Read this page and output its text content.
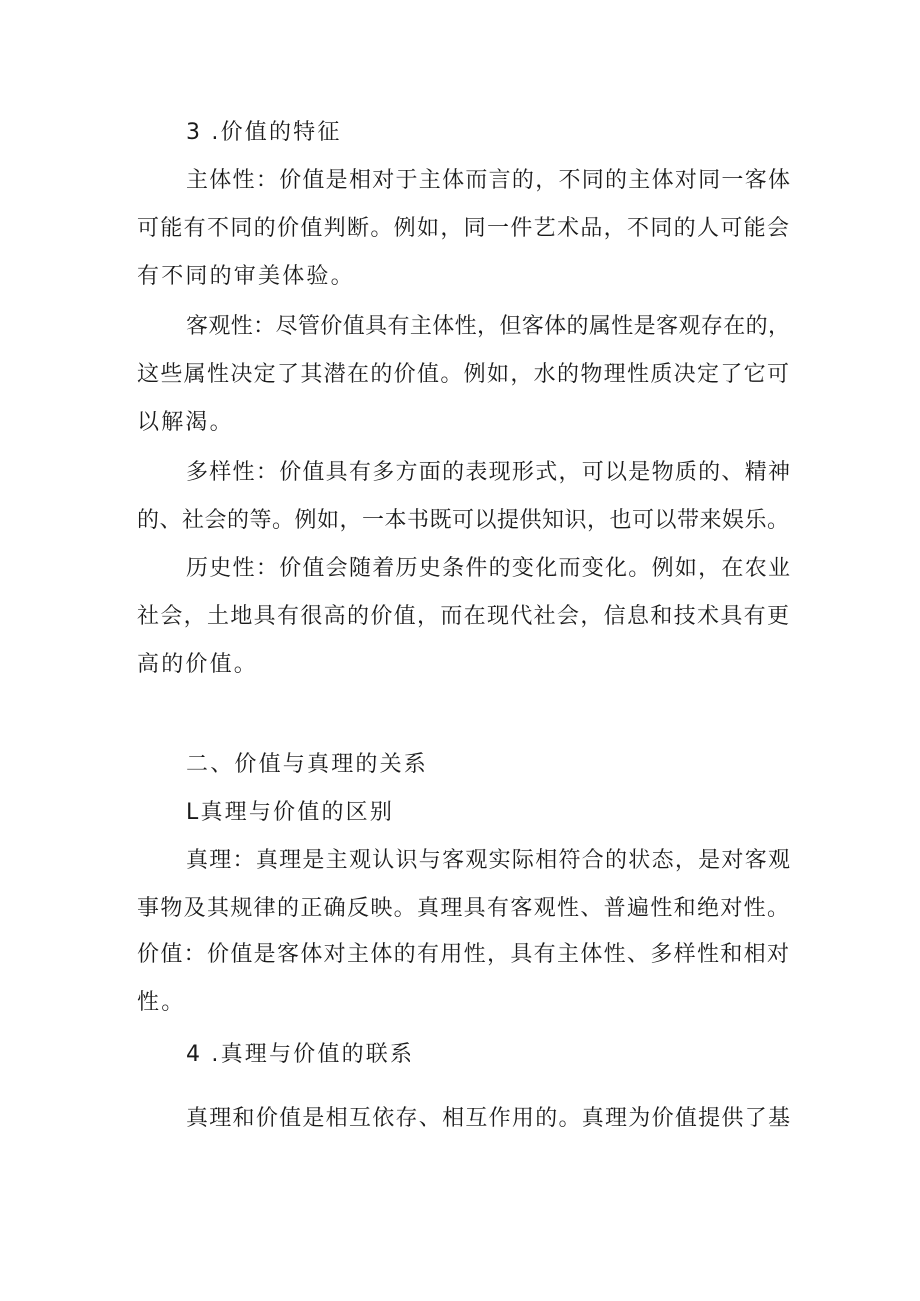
3 .价值的特征
主体性：价值是相对于主体而言的，不同的主体对同一客体
可能有不同的价值判断。例如，同一件艺术品，不同的人可能会
有不同的审美体验。
客观性：尽管价值具有主体性，但客体的属性是客观存在的，
这些属性决定了其潜在的价值。例如，水的物理性质决定了它可
以解渴。
多样性：价值具有多方面的表现形式，可以是物质的、精神
的、社会的等。例如，一本书既可以提供知识，也可以带来娱乐。
历史性：价值会随着历史条件的变化而变化。例如，在农业
社会，土地具有很高的价值，而在现代社会，信息和技术具有更
高的价值。
二、价值与真理的关系
L真理与价值的区别
真理：真理是主观认识与客观实际相符合的状态，是对客观
事物及其规律的正确反映。真理具有客观性、普遍性和绝对性。
价值：价值是客体对主体的有用性，具有主体性、多样性和相对
性。
4 .真理与价值的联系
真理和价值是相互依存、相互作用的。真理为价值提供了基
